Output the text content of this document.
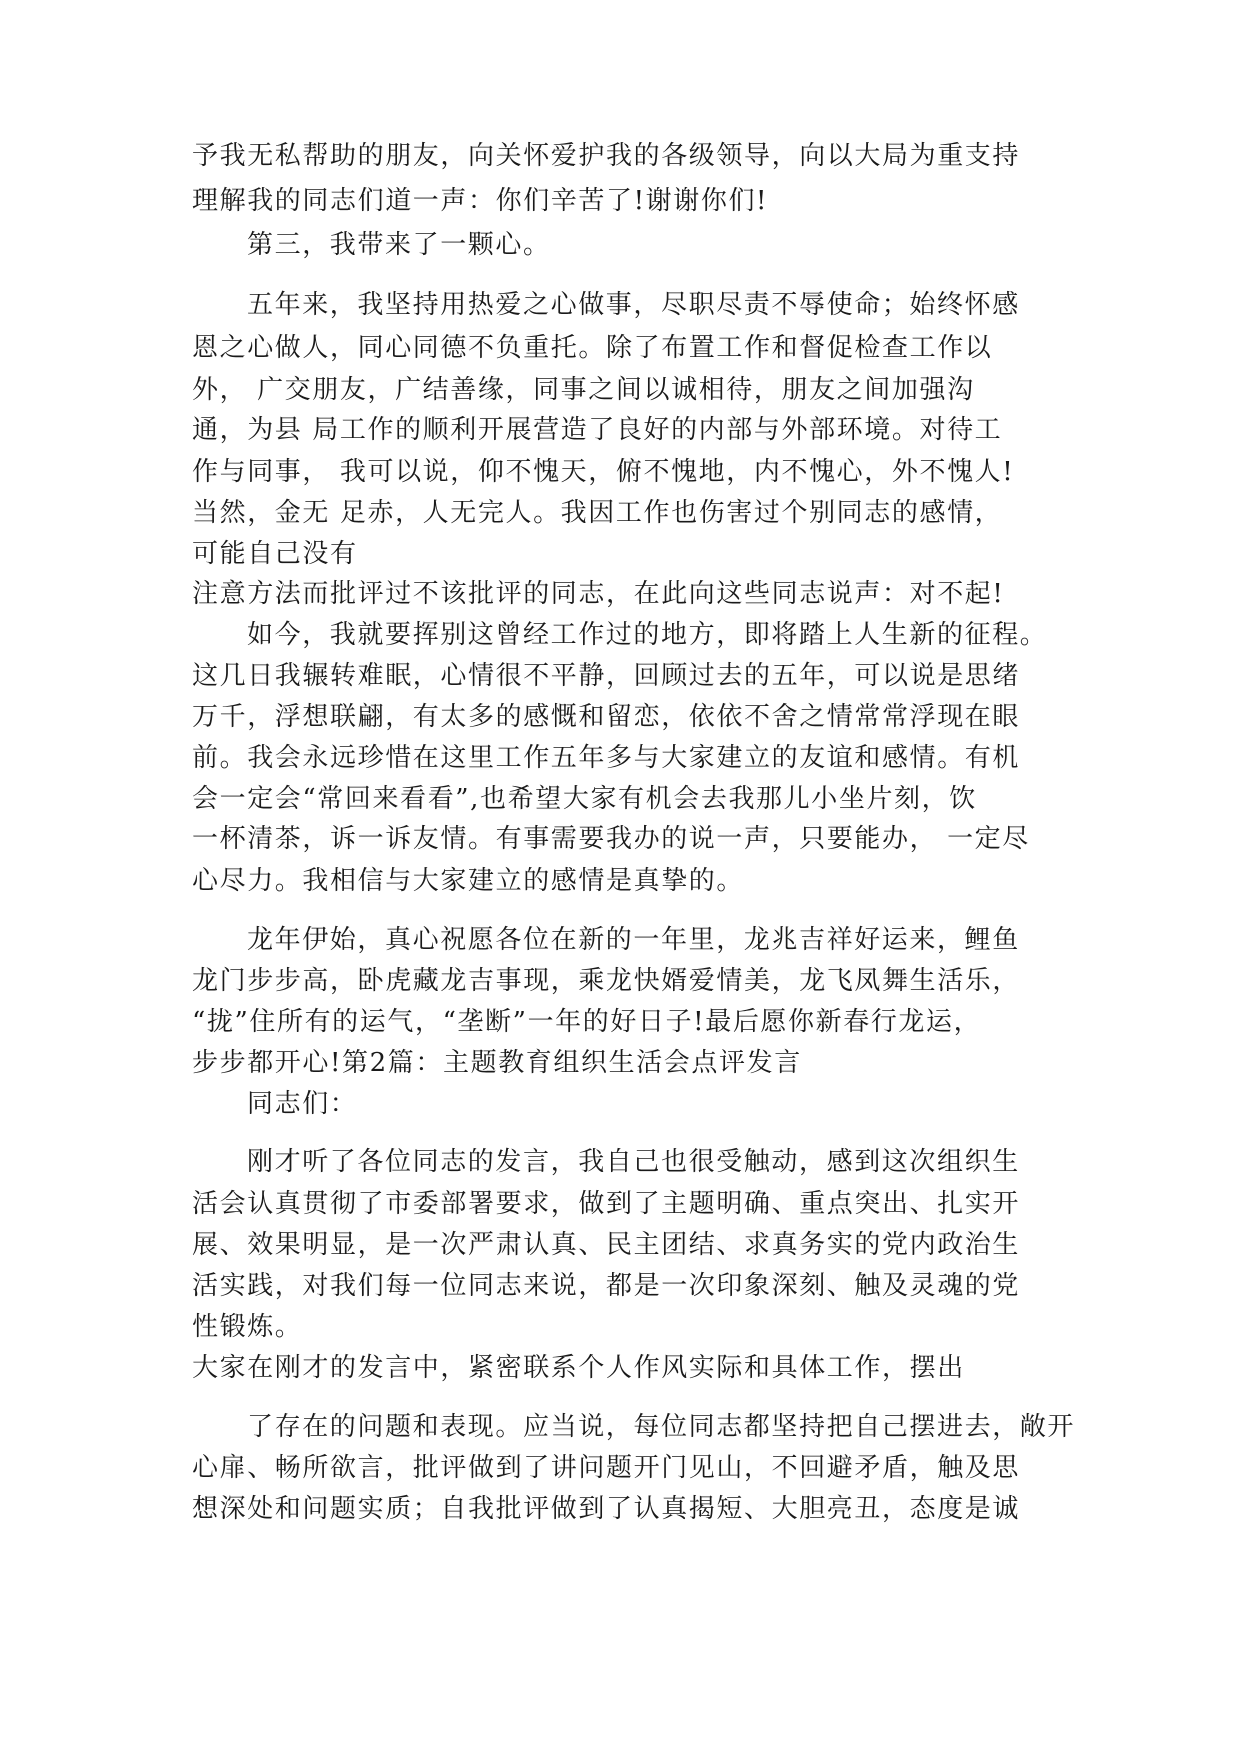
予我无私帮助的朋友，向关怀爱护我的各级领导，向以大局为重支持
理解我的同志们道一声：你们辛苦了!谢谢你们!
第三，我带来了一颗心。
五年来，我坚持用热爱之心做事，尽职尽责不辱使命；始终怀感
恩之心做人，同心同德不负重托。除了布置工作和督促检查工作以
外， 广交朋友，广结善缘，同事之间以诚相待，朋友之间加强沟
通，为县 局工作的顺利开展营造了良好的内部与外部环境。对待工
作与同事， 我可以说，仰不愧天，俯不愧地，内不愧心，外不愧人!
当然，金无 足赤，人无完人。我因工作也伤害过个别同志的感情，
可能自己没有
注意方法而批评过不该批评的同志，在此向这些同志说声：对不起!
如今，我就要挥别这曾经工作过的地方，即将踏上人生新的征程。
这几日我辗转难眠，心情很不平静，回顾过去的五年，可以说是思绪
万千，浮想联翩，有太多的感慨和留恋，依依不舍之情常常浮现在眼
前。我会永远珍惜在这里工作五年多与大家建立的友谊和感情。有机
会一定会“常回来看看”,也希望大家有机会去我那儿小坐片刻，饮
一杯清茶，诉一诉友情。有事需要我办的说一声，只要能办， 一定尽
心尽力。我相信与大家建立的感情是真挚的。
龙年伊始，真心祝愿各位在新的一年里，龙兆吉祥好运来，鲤鱼
龙门步步高，卧虎藏龙吉事现，乘龙快婿爱情美，龙飞凤舞生活乐，
“拢”住所有的运气，“垄断”一年的好日子!最后愿你新春行龙运，
步步都开心!第2篇：主题教育组织生活会点评发言
同志们：
刚才听了各位同志的发言，我自己也很受触动，感到这次组织生
活会认真贯彻了市委部署要求，做到了主题明确、重点突出、扎实开
展、效果明显，是一次严肃认真、民主团结、求真务实的党内政治生
活实践，对我们每一位同志来说，都是一次印象深刻、触及灵魂的党
性锻炼。
大家在刚才的发言中，紧密联系个人作风实际和具体工作，摆出
了存在的问题和表现。应当说，每位同志都坚持把自己摆进去，敞开
心扉、畅所欲言，批评做到了讲问题开门见山，不回避矛盾，触及思
想深处和问题实质；自我批评做到了认真揭短、大胆亮丑，态度是诚
